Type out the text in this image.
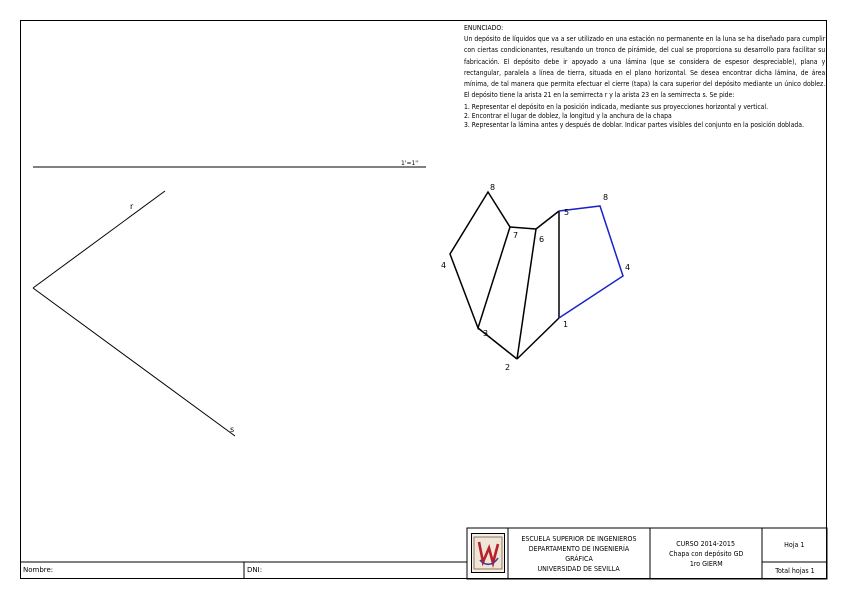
ENUNCIADO:

Un depósito de líquidos que va a ser utilizado en una estación no permanente en la luna se ha diseñado para cumplir con ciertas condicionantes, resultando un tronco de pirámide, del cual se proporciona su desarrollo para facilitar su fabricación. El depósito debe ir apoyado a una lámina (que se considera de espesor despreciable), plana y rectangular, paralela a línea de tierra, situada en el plano horizontal. Se desea encontrar dicha lámina, de área mínima, de tal manera que permita efectuar el cierre (tapa) la cara superior del depósito mediante un único doblez. El depósito tiene la arista 21 en la semirrecta r y la arista 23 en la semirrecta s. Se pide:

1. Representar el depósito en la posición indicada, mediante sus proyecciones horizontal y vertical.
2. Encontrar el lugar de doblez, la longitud y la anchura de la chapa
3. Representar la lámina antes y después de doblar. Indicar partes visibles del conjunto en la posición doblada.
1'=1''
r
s
8
7	6
5
8
4
4
3
2
1
ESCUELA SUPERIOR DE INGENIEROS
DEPARTAMENTO DE INGENIERÍA GRÁFICA
UNIVERSIDAD DE SEVILLA
CURSO 2014-2015
Chapa con depósito GD
1ro GIERM
Hoja 1
Total hojas 1
Nombre:	DNI:
